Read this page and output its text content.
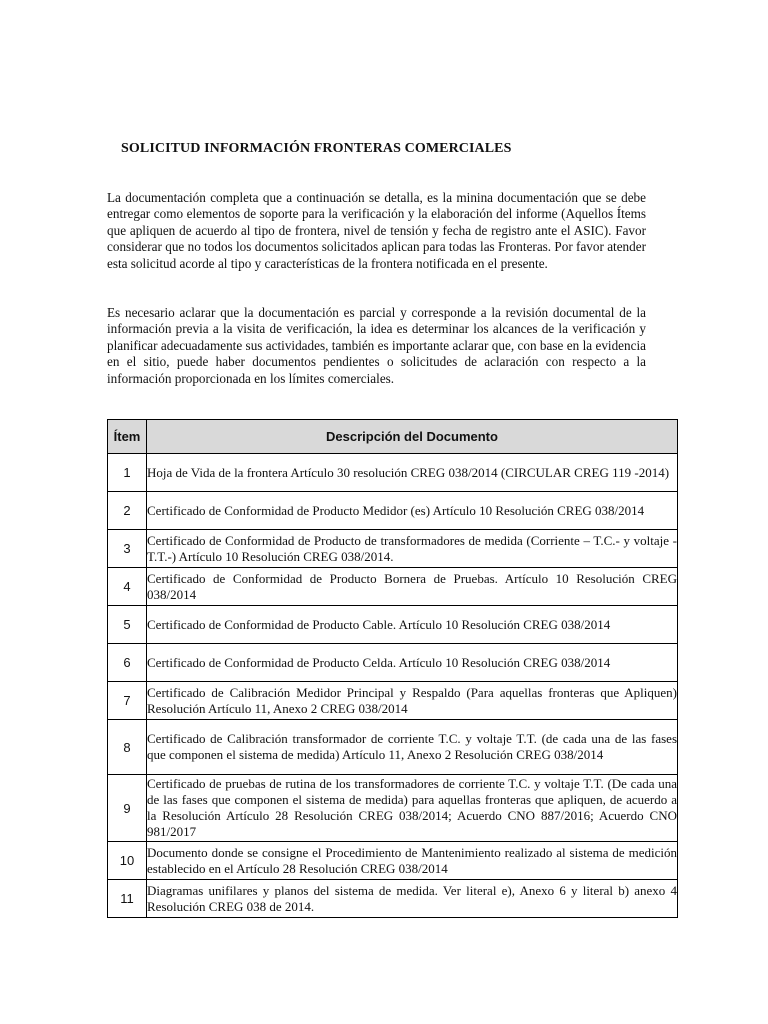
SOLICITUD INFORMACIÓN FRONTERAS COMERCIALES

La documentación completa que a continuación se detalla, es la minina documentación que se debe entregar como elementos de soporte para la verificación y la elaboración del informe (Aquellos Ítems que apliquen de acuerdo al tipo de frontera, nivel de tensión y fecha de registro ante el ASIC). Favor considerar que no todos los documentos solicitados aplican para todas las Fronteras. Por favor atender esta solicitud acorde al tipo y características de la frontera notificada en el presente.

Es necesario aclarar que la documentación es parcial y corresponde a la revisión documental de la información previa a la visita de verificación, la idea es determinar los alcances de la verificación y planificar adecuadamente sus actividades, también es importante aclarar que, con base en la evidencia en el sitio, puede haber documentos pendientes o solicitudes de aclaración con respecto a la información proporcionada en los límites comerciales.

Ítem	Descripción del Documento
1	Hoja de Vida de la frontera Artículo 30 resolución CREG 038/2014 (CIRCULAR CREG 119 -2014)
2	Certificado de Conformidad de Producto Medidor (es) Artículo 10 Resolución CREG 038/2014
3	Certificado de Conformidad de Producto de transformadores de medida (Corriente – T.C.- y voltaje - T.T.-) Artículo 10 Resolución CREG 038/2014.
4	Certificado de Conformidad de Producto Bornera de Pruebas. Artículo 10 Resolución CREG 038/2014
5	Certificado de Conformidad de Producto Cable. Artículo 10 Resolución CREG 038/2014
6	Certificado de Conformidad de Producto Celda. Artículo 10 Resolución CREG 038/2014
7	Certificado de Calibración Medidor Principal y Respaldo (Para aquellas fronteras que Apliquen) Resolución Artículo 11, Anexo 2 CREG 038/2014
8	Certificado de Calibración transformador de corriente T.C. y voltaje T.T. (de cada una de las fases que componen el sistema de medida) Artículo 11, Anexo 2 Resolución CREG 038/2014
9	Certificado de pruebas de rutina de los transformadores de corriente T.C. y voltaje T.T. (De cada una de las fases que componen el sistema de medida) para aquellas fronteras que apliquen, de acuerdo a la Resolución Artículo 28 Resolución CREG 038/2014; Acuerdo CNO 887/2016; Acuerdo CNO 981/2017
10	Documento donde se consigne el Procedimiento de Mantenimiento realizado al sistema de medición establecido en el Artículo 28 Resolución CREG 038/2014
11	Diagramas unifilares y planos del sistema de medida. Ver literal e), Anexo 6 y literal b) anexo 4 Resolución CREG 038 de 2014.
